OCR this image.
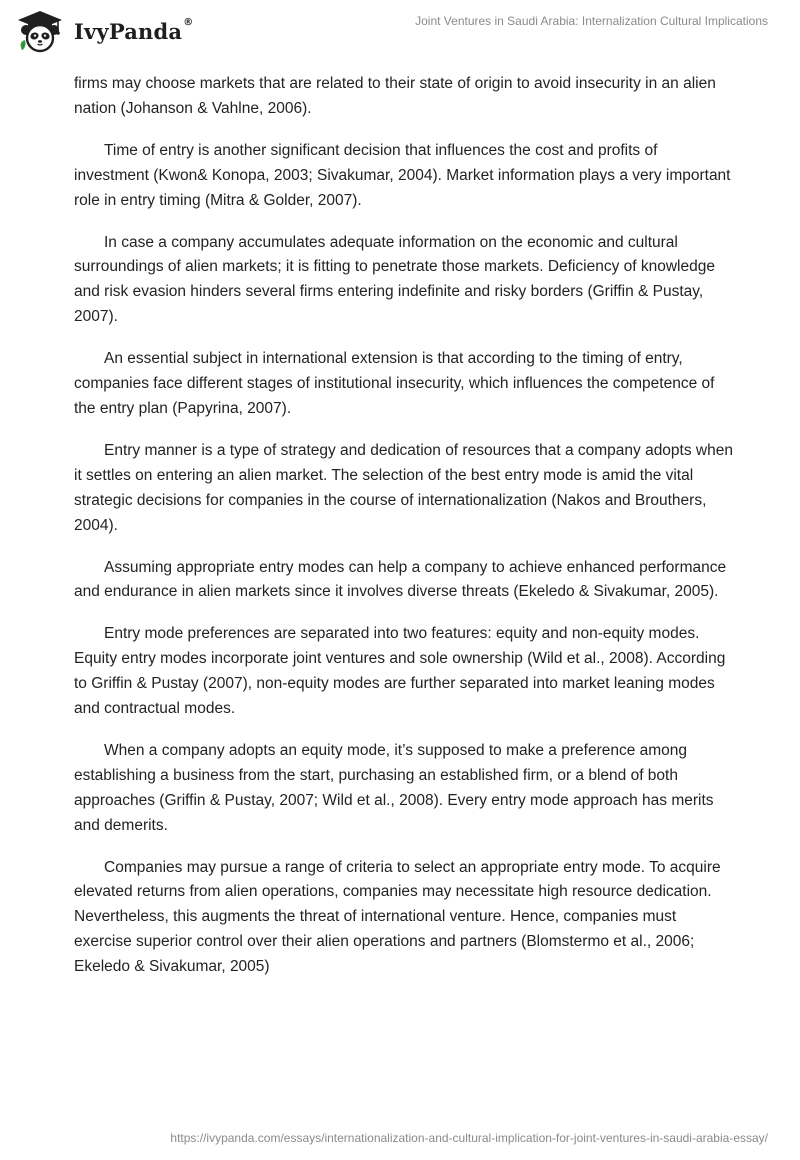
IvyPanda®	Joint Ventures in Saudi Arabia: Internalization Cultural Implications

firms may choose markets that are related to their state of origin to avoid insecurity in an alien nation (Johanson & Vahlne, 2006).

Time of entry is another significant decision that influences the cost and profits of investment (Kwon& Konopa, 2003; Sivakumar, 2004). Market information plays a very important role in entry timing (Mitra & Golder, 2007).

In case a company accumulates adequate information on the economic and cultural surroundings of alien markets; it is fitting to penetrate those markets. Deficiency of knowledge and risk evasion hinders several firms entering indefinite and risky borders (Griffin & Pustay, 2007).

An essential subject in international extension is that according to the timing of entry, companies face different stages of institutional insecurity, which influences the competence of the entry plan (Papyrina, 2007).

Entry manner is a type of strategy and dedication of resources that a company adopts when it settles on entering an alien market. The selection of the best entry mode is amid the vital strategic decisions for companies in the course of internationalization (Nakos and Brouthers, 2004).

Assuming appropriate entry modes can help a company to achieve enhanced performance and endurance in alien markets since it involves diverse threats (Ekeledo & Sivakumar, 2005).

Entry mode preferences are separated into two features: equity and non-equity modes. Equity entry modes incorporate joint ventures and sole ownership (Wild et al., 2008). According to Griffin & Pustay (2007), non-equity modes are further separated into market leaning modes and contractual modes.

When a company adopts an equity mode, it’s supposed to make a preference among establishing a business from the start, purchasing an established firm, or a blend of both approaches (Griffin & Pustay, 2007; Wild et al., 2008). Every entry mode approach has merits and demerits.

Companies may pursue a range of criteria to select an appropriate entry mode. To acquire elevated returns from alien operations, companies may necessitate high resource dedication. Nevertheless, this augments the threat of international venture. Hence, companies must exercise superior control over their alien operations and partners (Blomstermo et al., 2006; Ekeledo & Sivakumar, 2005)

https://ivypanda.com/essays/internationalization-and-cultural-implication-for-joint-ventures-in-saudi-arabia-essay/
